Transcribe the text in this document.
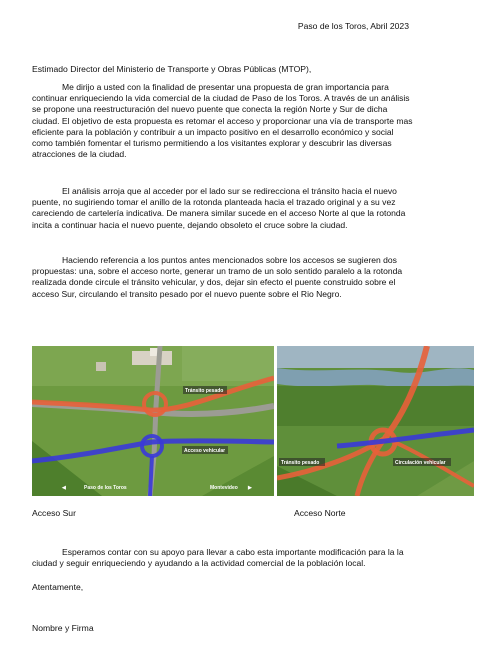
Paso de los Toros, Abril 2023
Estimado Director del Ministerio de Transporte y Obras Públicas (MTOP),

Me dirijo a usted con la finalidad de presentar una propuesta de gran importancia para continuar enriqueciendo la vida comercial de la ciudad de Paso de los Toros. A través de un análisis se propone una reestructuración del nuevo puente que conecta la región Norte y Sur de dicha ciudad. El objetivo de esta propuesta es retomar el acceso y proporcionar una vía de transporte mas eficiente para la población y contribuir a un impacto positivo en el desarrollo económico y social como también fomentar el turismo permitiendo a los visitantes explorar y descubrir las diversas atracciones de la ciudad.

El análisis arroja que al acceder por el lado sur se redirecciona el tránsito hacia el nuevo puente, no sugiriendo tomar el anillo de la rotonda planteada hacia el trazado original y a su vez careciendo de cartelería indicativa. De manera similar sucede en el acceso Norte al que la rotonda incita a continuar hacia el nuevo puente, dejando obsoleto el cruce sobre la ciudad.

Haciendo referencia a los puntos antes mencionados sobre los accesos se sugieren dos propuestas: una, sobre el acceso norte, generar un tramo de un solo sentido paralelo a la rotonda realizada donde circule el tránsito vehicular, y dos, dejar sin efecto el puente construido sobre el acceso Sur, circulando el transito pesado por el nuevo puente sobre el Rio Negro.

Tránsito pesado
Acceso vehicular
◀	Paso de los Toros	Montevideo ▶
Tránsito pesado	Circulación vehicular
Acceso Sur	Acceso Norte

Esperamos contar con su apoyo para llevar a cabo esta importante modificación para la la ciudad y seguir enriqueciendo y ayudando a la actividad comercial de la población local.

Atentamente,
Nombre y Firma
